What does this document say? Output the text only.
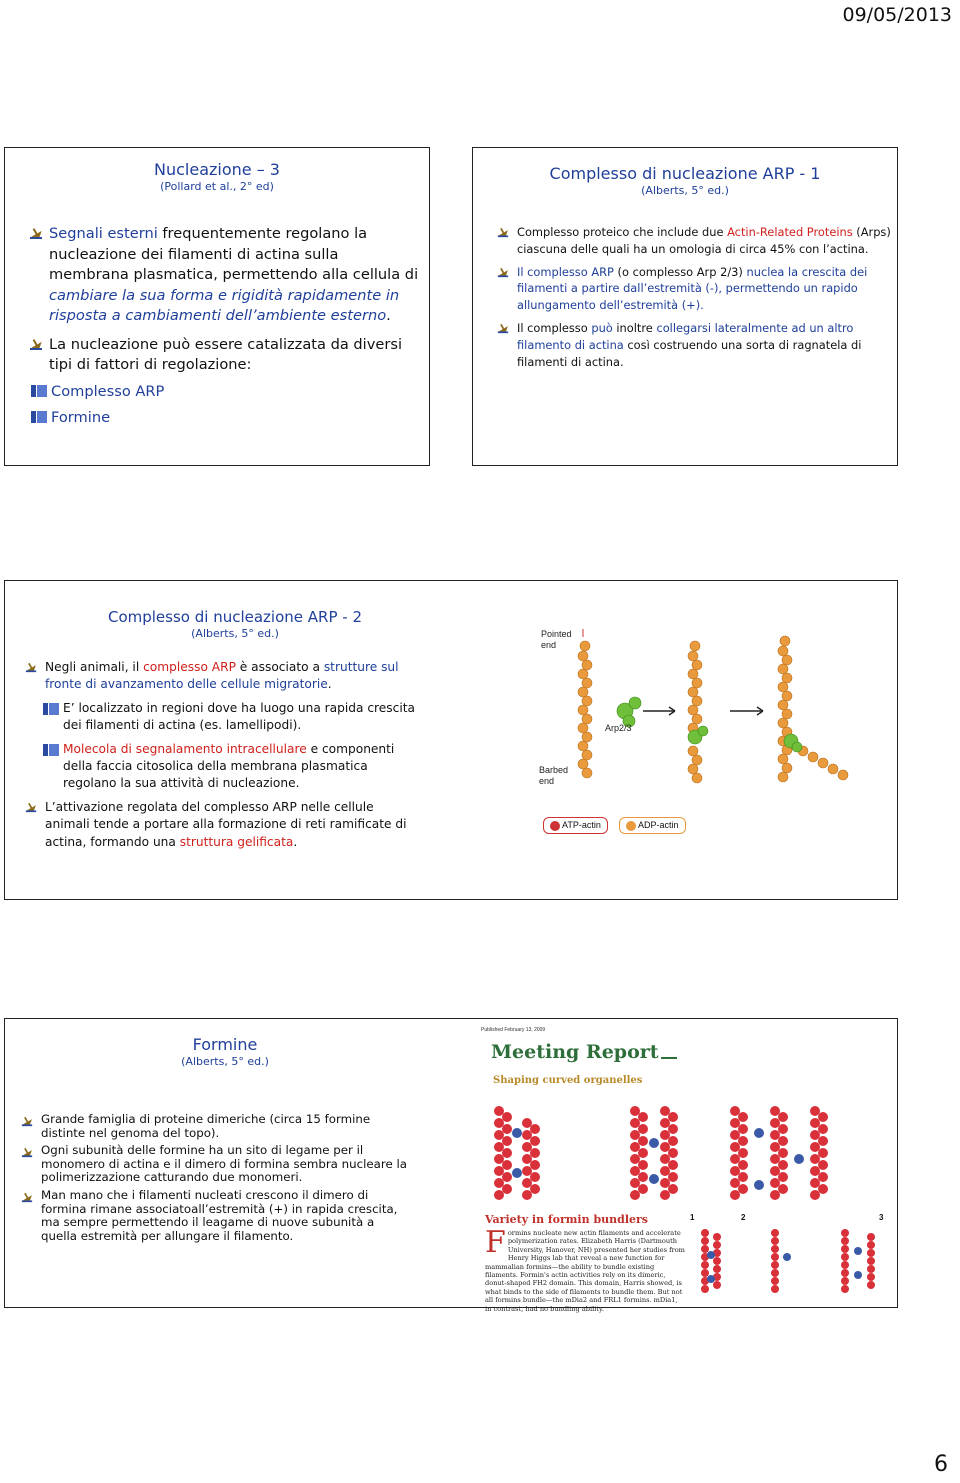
09/05/2013
Nucleazione – 3
(Pollard et al., 2° ed)
Segnali esterni frequentemente regolano la nucleazione dei filamenti di actina sulla membrana plasmatica, permettendo alla cellula di cambiare la sua forma e rigidità rapidamente in risposta a cambiamenti dell’ambiente esterno.
La nucleazione può essere catalizzata da diversi tipi di fattori di regolazione:
Complesso ARP
Formine
Complesso di nucleazione ARP - 1
(Alberts, 5° ed.)
Complesso proteico che include due Actin-Related Proteins (Arps) ciascuna delle quali ha un omologia di circa 45% con l’actina.
Il complesso ARP (o complesso Arp 2/3) nuclea la crescita dei filamenti a partire dall’estremità (-), permettendo un rapido allungamento dell’estremità (+).
Il complesso può inoltre collegarsi lateralmente ad un altro filamento di actina così costruendo una sorta di ragnatela di filamenti di actina.
Complesso di nucleazione ARP - 2
(Alberts, 5° ed.)
Negli animali, il complesso ARP è associato a strutture sul fronte di avanzamento delle cellule migratorie.
E’ localizzato in regioni dove ha luogo una rapida crescita dei filamenti di actina (es. lamellipodi).
Molecola di segnalamento intracellulare e componenti della faccia citosolica della membrana plasmatica regolano la sua attività di nucleazione.
L’attivazione regolata del complesso ARP nelle cellule animali tende a portare alla formazione di reti ramificate di actina, formando una struttura gelificata.
Pointed
end
Barbed
end
Arp2/3
ATP-actin	ADP-actin
Formine
(Alberts, 5° ed.)
Grande famiglia di proteine dimeriche (circa 15 formine distinte nel genoma del topo).
Ogni subunità delle formine ha un sito di legame per il monomero di actina e il dimero di formina sembra nucleare la polimerizzazione catturando due monomeri.
Man mano che i filamenti nucleati crescono il dimero di formina rimane associatoall’estremità (+) in rapida crescita, ma sempre permettendo il leagame di nuove subunità a quella estremità per allungare il filamento.
Published February 13, 2009
Meeting Report
Shaping curved organelles
Variety in formin bundlers	1	2	3
Formins nucleate new actin filaments and accelerate polymerization rates. Elizabeth Harris (Dartmouth University, Hanover, NH) presented her studies from Henry Higgs lab that reveal a new function for mammalian formins—the ability to bundle existing filaments. Formin's actin activities rely on its dimeric, donut-shaped FH2 domain. This domain, Harris showed, is what binds to the side of filaments to bundle them. But not all formins bundle—the mDia2 and FRL1 formins. mDia1, in contrast, had no bundling ability.
6
